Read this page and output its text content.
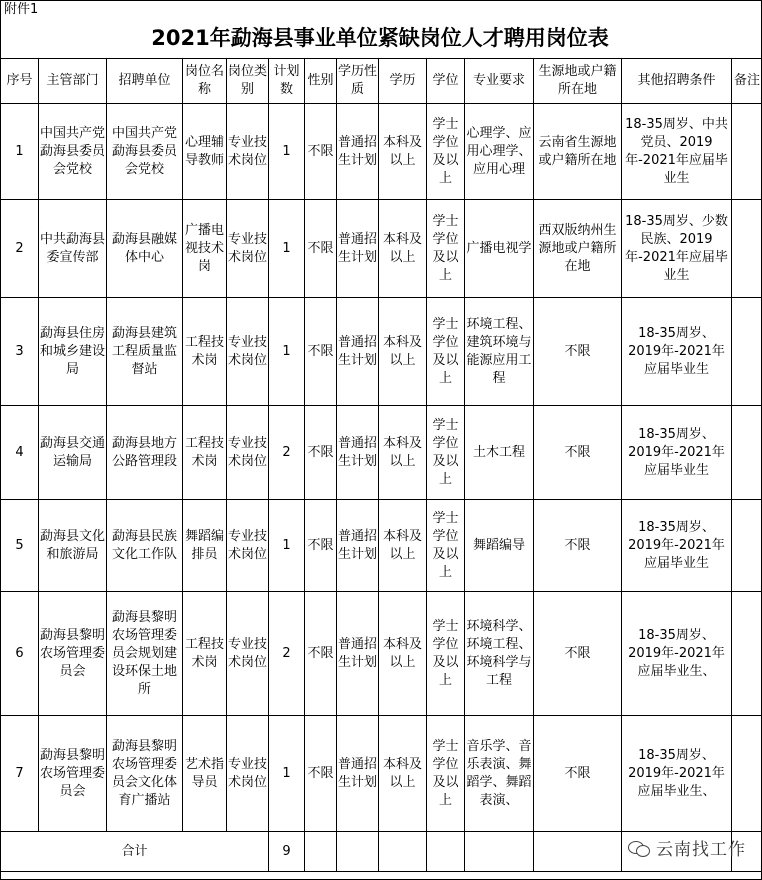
附件1
2021年勐海县事业单位紧缺岗位人才聘用岗位表
序号	主管部门	招聘单位	岗位名称	岗位类别	计划数	性别	学历性质	学历	学位	专业要求	生源地或户籍所在地	其他招聘条件	备注
1	中国共产党勐海县委员会党校	中国共产党勐海县委员会党校	心理辅导教师	专业技术岗位	1	不限	普通招生计划	本科及以上	学士学位及以上	心理学、应用心理学、应用心理	云南省生源地或户籍所在地	18-35周岁、中共党员、2019年-2021年应届毕业生	
2	中共勐海县委宣传部	勐海县融媒体中心	广播电视技术岗	专业技术岗位	1	不限	普通招生计划	本科及以上	学士学位及以上	广播电视学	西双版纳州生源地或户籍所在地	18-35周岁、少数民族、2019年-2021年应届毕业生	
3	勐海县住房和城乡建设局	勐海县建筑工程质量监督站	工程技术岗	专业技术岗位	1	不限	普通招生计划	本科及以上	学士学位及以上	环境工程、建筑环境与能源应用工程	不限	18-35周岁、2019年-2021年应届毕业生	
4	勐海县交通运输局	勐海县地方公路管理段	工程技术岗	专业技术岗位	2	不限	普通招生计划	本科及以上	学士学位及以上	土木工程	不限	18-35周岁、2019年-2021年应届毕业生	
5	勐海县文化和旅游局	勐海县民族文化工作队	舞蹈编排员	专业技术岗位	1	不限	普通招生计划	本科及以上	学士学位及以上	舞蹈编导	不限	18-35周岁、2019年-2021年应届毕业生	
6	勐海县黎明农场管理委员会	勐海县黎明农场管理委员会规划建设环保土地所	工程技术岗	专业技术岗位	2	不限	普通招生计划	本科及以上	学士学位及以上	环境科学、环境工程、环境科学与工程	不限	18-35周岁、2019年-2021年应届毕业生、	
7	勐海县黎明农场管理委员会	勐海县黎明农场管理委员会文化体育广播站	艺术指导员	专业技术岗位	1	不限	普通招生计划	本科及以上	学士学位及以上	音乐学、音乐表演、舞蹈学、舞蹈表演、	不限	18-35周岁、2019年-2021年应届毕业生、	
合计					9									云南找工作
